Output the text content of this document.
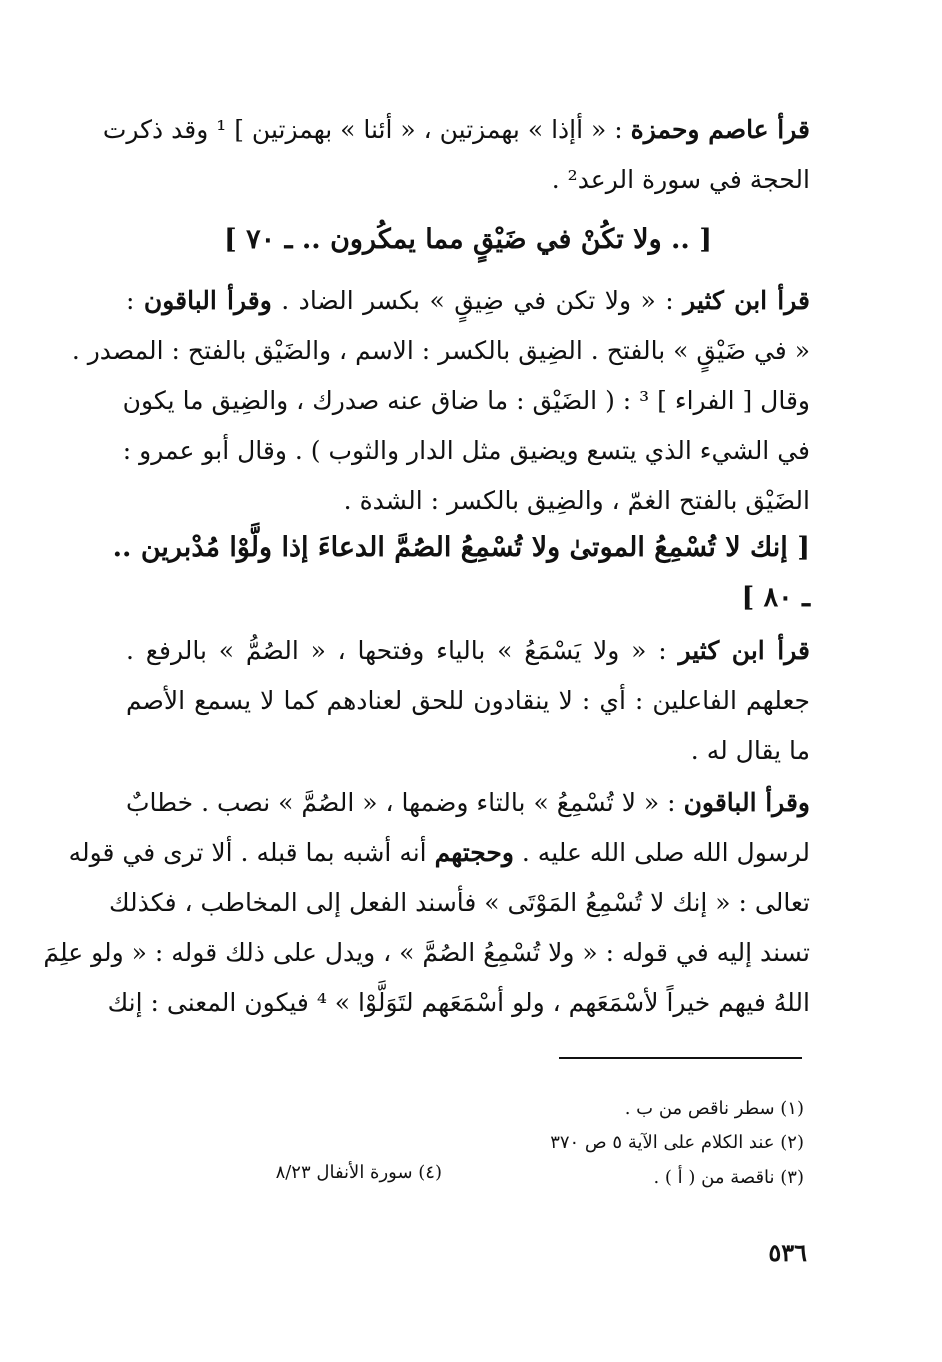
قرأ عاصم وحمزة : « أإذا » بهمزتين ، « أئنا » بهمزتين ] ¹ وقد ذكرت
الحجة في سورة الرعد² .
[ .. ولا تكُنْ في ضَيْقٍ مما يمكُرون .. ـ ٧٠ ]
قرأ ابن كثير : « ولا تكن في ضِيقٍ » بكسر الضاد . وقرأ الباقون :
« في ضَيْقٍ » بالفتح . الضِيق بالكسر : الاسم ، والضَيْق بالفتح : المصدر .
وقال [ الفراء ] ³ : ( الضَيْق : ما ضاق عنه صدرك ، والضِيق ما يكون
في الشيء الذي يتسع ويضيق مثل الدار والثوب ) . وقال أبو عمرو :
الضَيْق بالفتح الغمّ ، والضِيق بالكسر : الشدة .
[ إنك لا تُسْمِعُ الموتىٰ ولا تُسْمِعُ الصُمَّ الدعاءَ إذا ولَّوْا مُدْبرين ..
ـ ٨٠ ]
قرأ ابن كثير : « ولا يَسْمَعُ » بالياء وفتحها ، « الصُمُّ » بالرفع .
جعلهم الفاعلين : أي : لا ينقادون للحق لعنادهم كما لا يسمع الأصم
ما يقال له .
وقرأ الباقون : « لا تُسْمِعُ » بالتاء وضمها ، « الصُمَّ » نصب . خطابٌ
لرسول الله صلى الله عليه . وحجتهم أنه أشبه بما قبله . ألا ترى في قوله
تعالى : « إنك لا تُسْمِعُ المَوْتَى » فأسند الفعل إلى المخاطب ، فكذلك
تسند إليه في قوله : « ولا تُسْمِعُ الصُمَّ » ، ويدل على ذلك قوله : « ولو علِمَ
اللهُ فيهم خيراً لأسْمَعَهم ، ولو أسْمَعَهم لتَوَلَّوْا » ⁴ فيكون المعنى : إنك
(١) سطر ناقص من ب .
(٢) عند الكلام على الآية ٥ ص ٣٧٠
(٣) ناقصة من ( أ ) .
(٤) سورة الأنفال ٨/٢٣
٥٣٦
